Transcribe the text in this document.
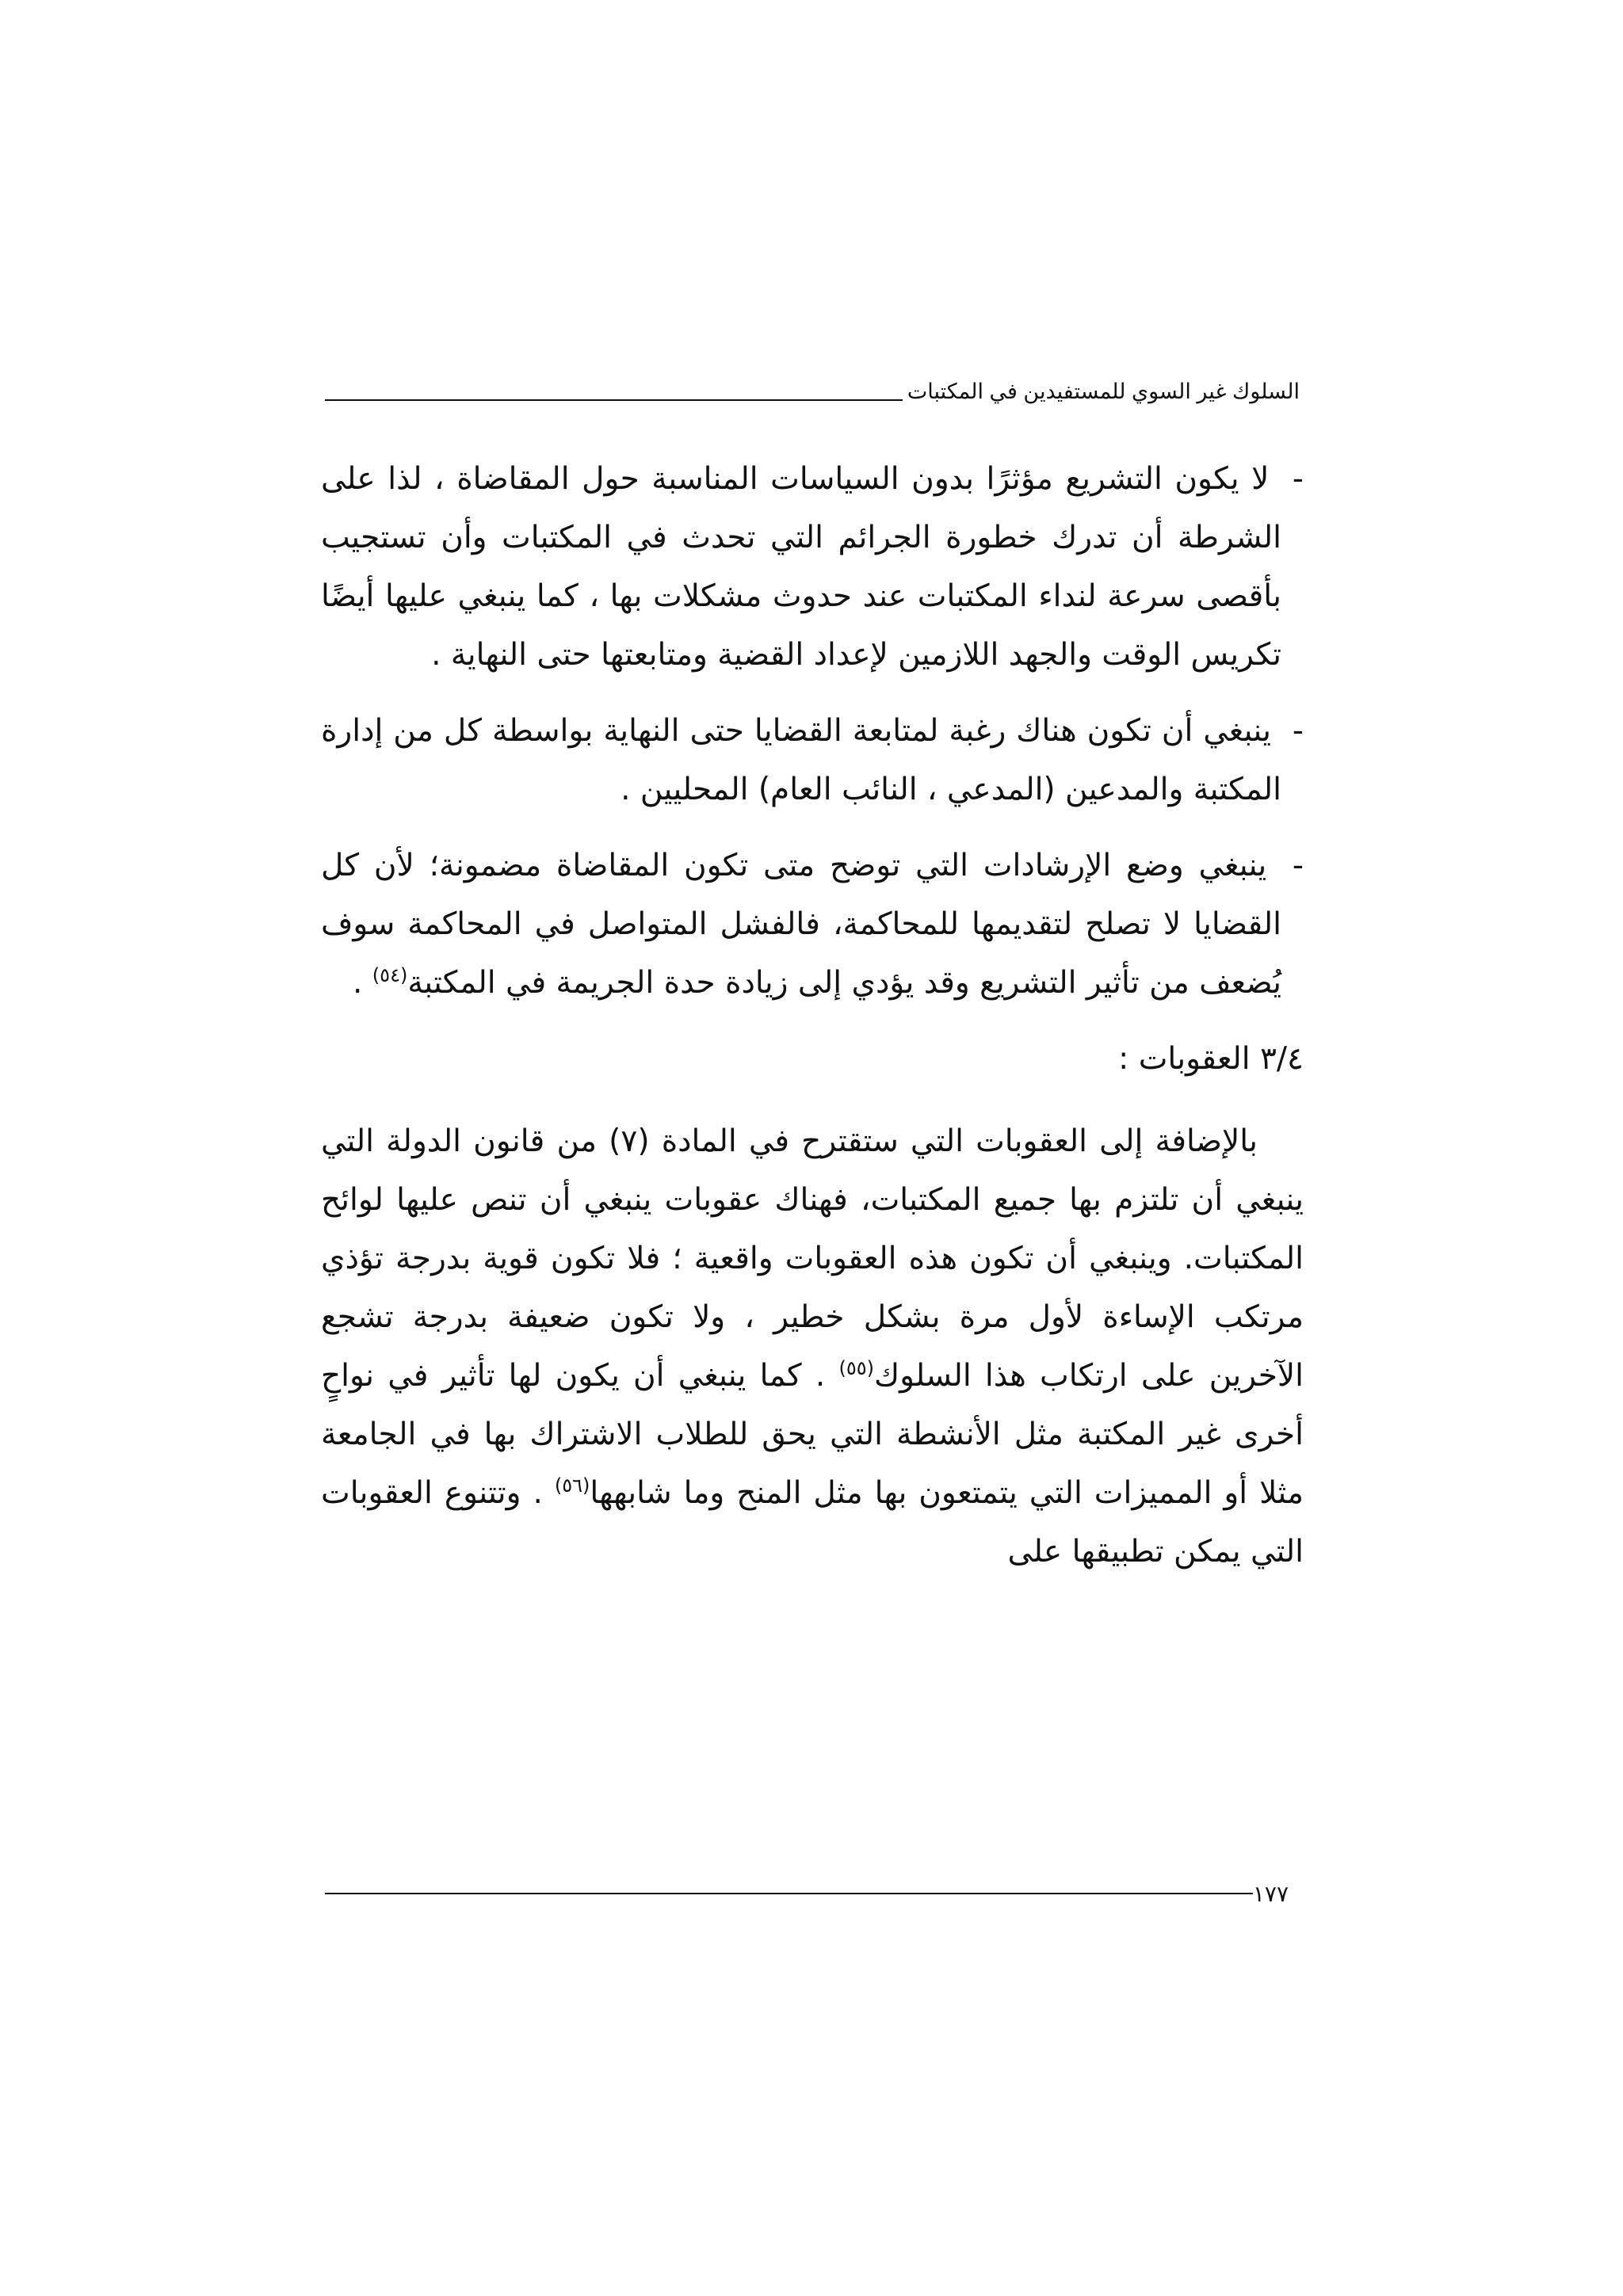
السلوك غير السوي للمستفيدين في المكتبات

- لا يكون التشريع مؤثرًا بدون السياسات المناسبة حول المقاضاة ، لذا على الشرطة أن تدرك خطورة الجرائم التي تحدث في المكتبات وأن تستجيب بأقصى سرعة لنداء المكتبات عند حدوث مشكلات بها ، كما ينبغي عليها أيضًا تكريس الوقت والجهد اللازمين لإعداد القضية ومتابعتها حتى النهاية .

- ينبغي أن تكون هناك رغبة لمتابعة القضايا حتى النهاية بواسطة كل من إدارة المكتبة والمدعين (المدعي ، النائب العام) المحليين .

- ينبغي وضع الإرشادات التي توضح متى تكون المقاضاة مضمونة؛ لأن كل القضايا لا تصلح لتقديمها للمحاكمة، فالفشل المتواصل في المحاكمة سوف يُضعف من تأثير التشريع وقد يؤدي إلى زيادة حدة الجريمة في المكتبة$^{(٥٤)}$ .

٣/٤ العقوبات :

بالإضافة إلى العقوبات التي ستقترح في المادة (٧) من قانون الدولة التي ينبغي أن تلتزم بها جميع المكتبات، فهناك عقوبات ينبغي أن تنص عليها لوائح المكتبات. وينبغي أن تكون هذه العقوبات واقعية ؛ فلا تكون قوية بدرجة تؤذي مرتكب الإساءة لأول مرة بشكل خطير ، ولا تكون ضعيفة بدرجة تشجع الآخرين على ارتكاب هذا السلوك$^{(٥٥)}$ . كما ينبغي أن يكون لها تأثير في نواحٍ أخرى غير المكتبة مثل الأنشطة التي يحق للطلاب الاشتراك بها في الجامعة مثلا أو المميزات التي يتمتعون بها مثل المنح وما شابهها$^{(٥٦)}$ . وتتنوع العقوبات التي يمكن تطبيقها على

١٧٧
